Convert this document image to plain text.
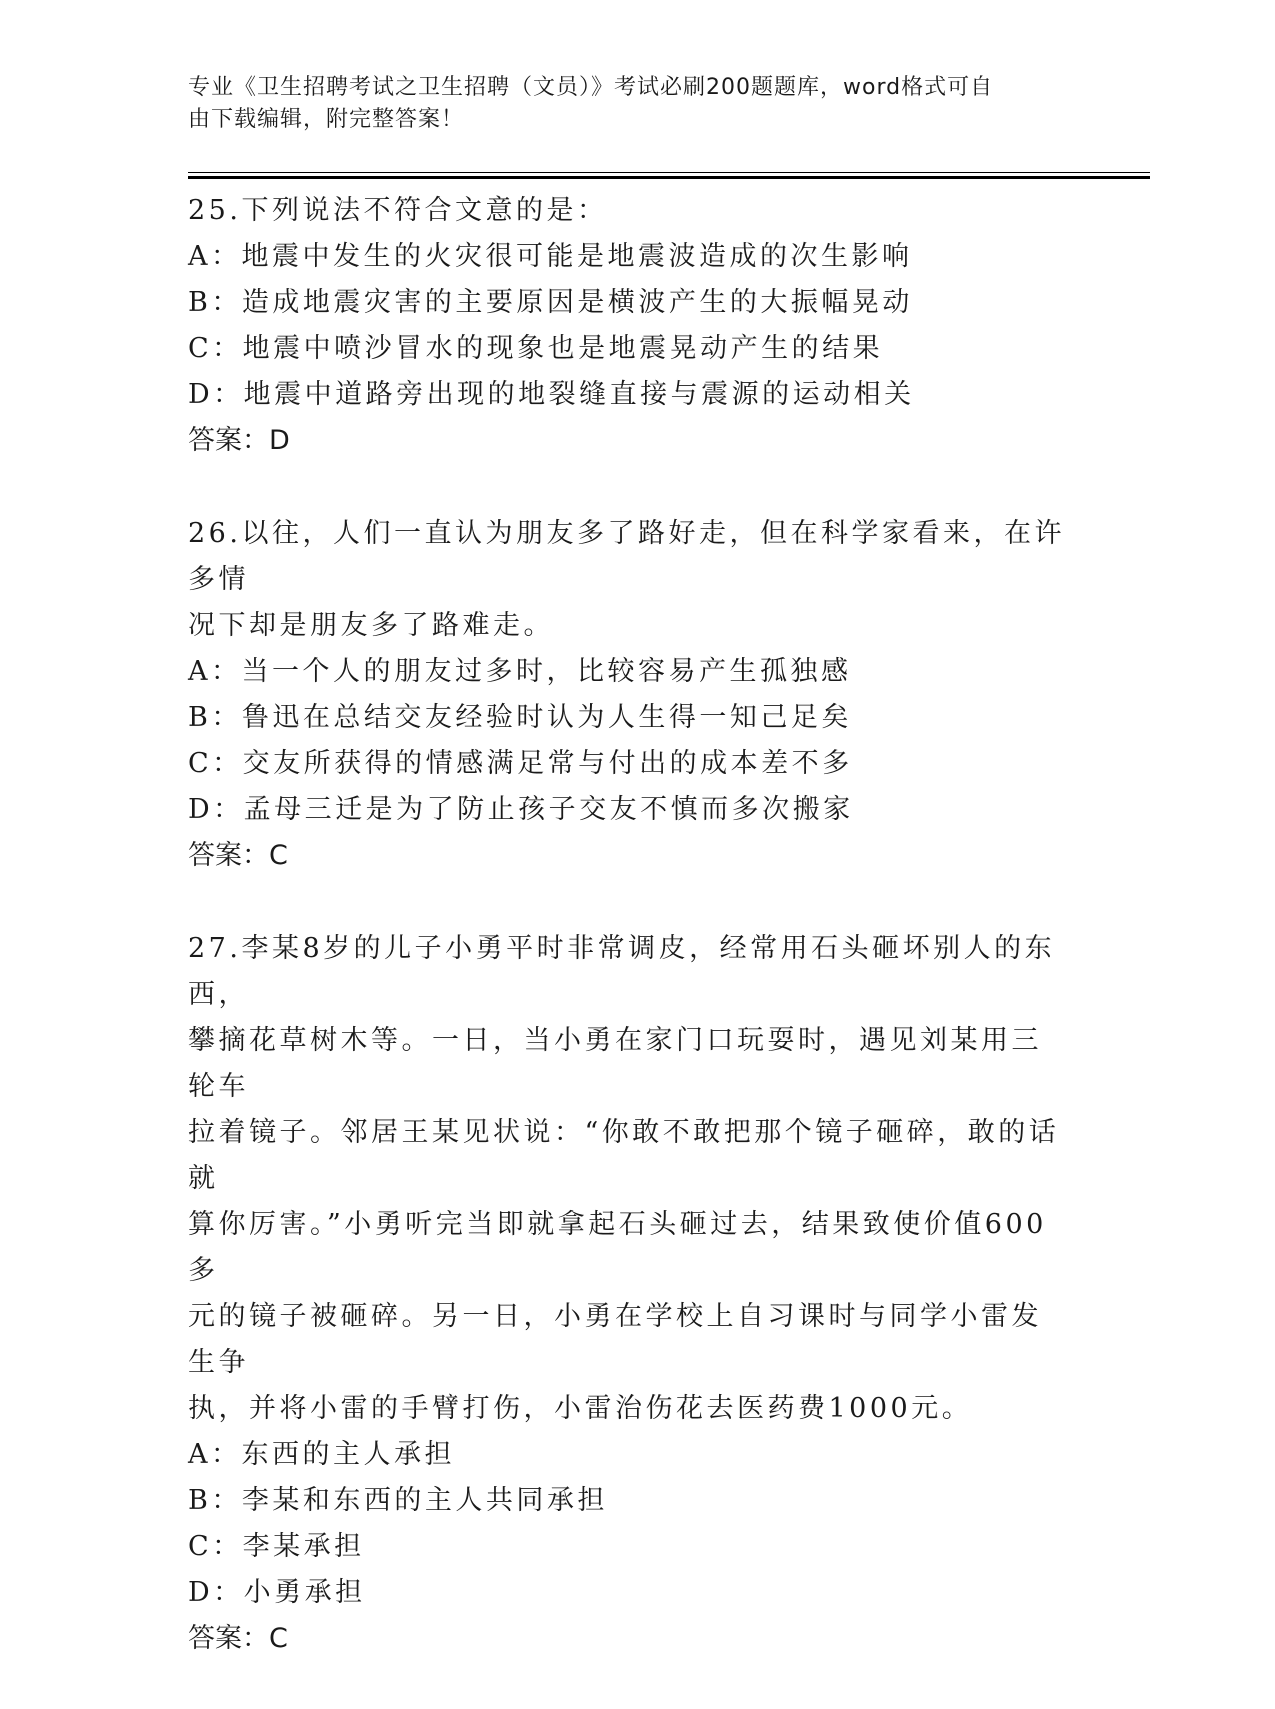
专业《卫生招聘考试之卫生招聘（文员）》考试必刷200题题库，word格式可自
由下载编辑，附完整答案！
25.下列说法不符合文意的是：
A：地震中发生的火灾很可能是地震波造成的次生影响
B：造成地震灾害的主要原因是横波产生的大振幅晃动
C：地震中喷沙冒水的现象也是地震晃动产生的结果
D：地震中道路旁出现的地裂缝直接与震源的运动相关
答案：D
26.以往，人们一直认为朋友多了路好走，但在科学家看来，在许多情
况下却是朋友多了路难走。
A：当一个人的朋友过多时，比较容易产生孤独感
B：鲁迅在总结交友经验时认为人生得一知己足矣
C：交友所获得的情感满足常与付出的成本差不多
D：孟母三迁是为了防止孩子交友不慎而多次搬家
答案：C
27.李某8岁的儿子小勇平时非常调皮，经常用石头砸坏别人的东西，
攀摘花草树木等。一日，当小勇在家门口玩耍时，遇见刘某用三轮车
拉着镜子。邻居王某见状说：“你敢不敢把那个镜子砸碎，敢的话就
算你厉害。”小勇听完当即就拿起石头砸过去，结果致使价值600多
元的镜子被砸碎。另一日，小勇在学校上自习课时与同学小雷发生争
执，并将小雷的手臂打伤，小雷治伤花去医药费1000元。
A：东西的主人承担
B：李某和东西的主人共同承担
C：李某承担
D：小勇承担
答案：C
